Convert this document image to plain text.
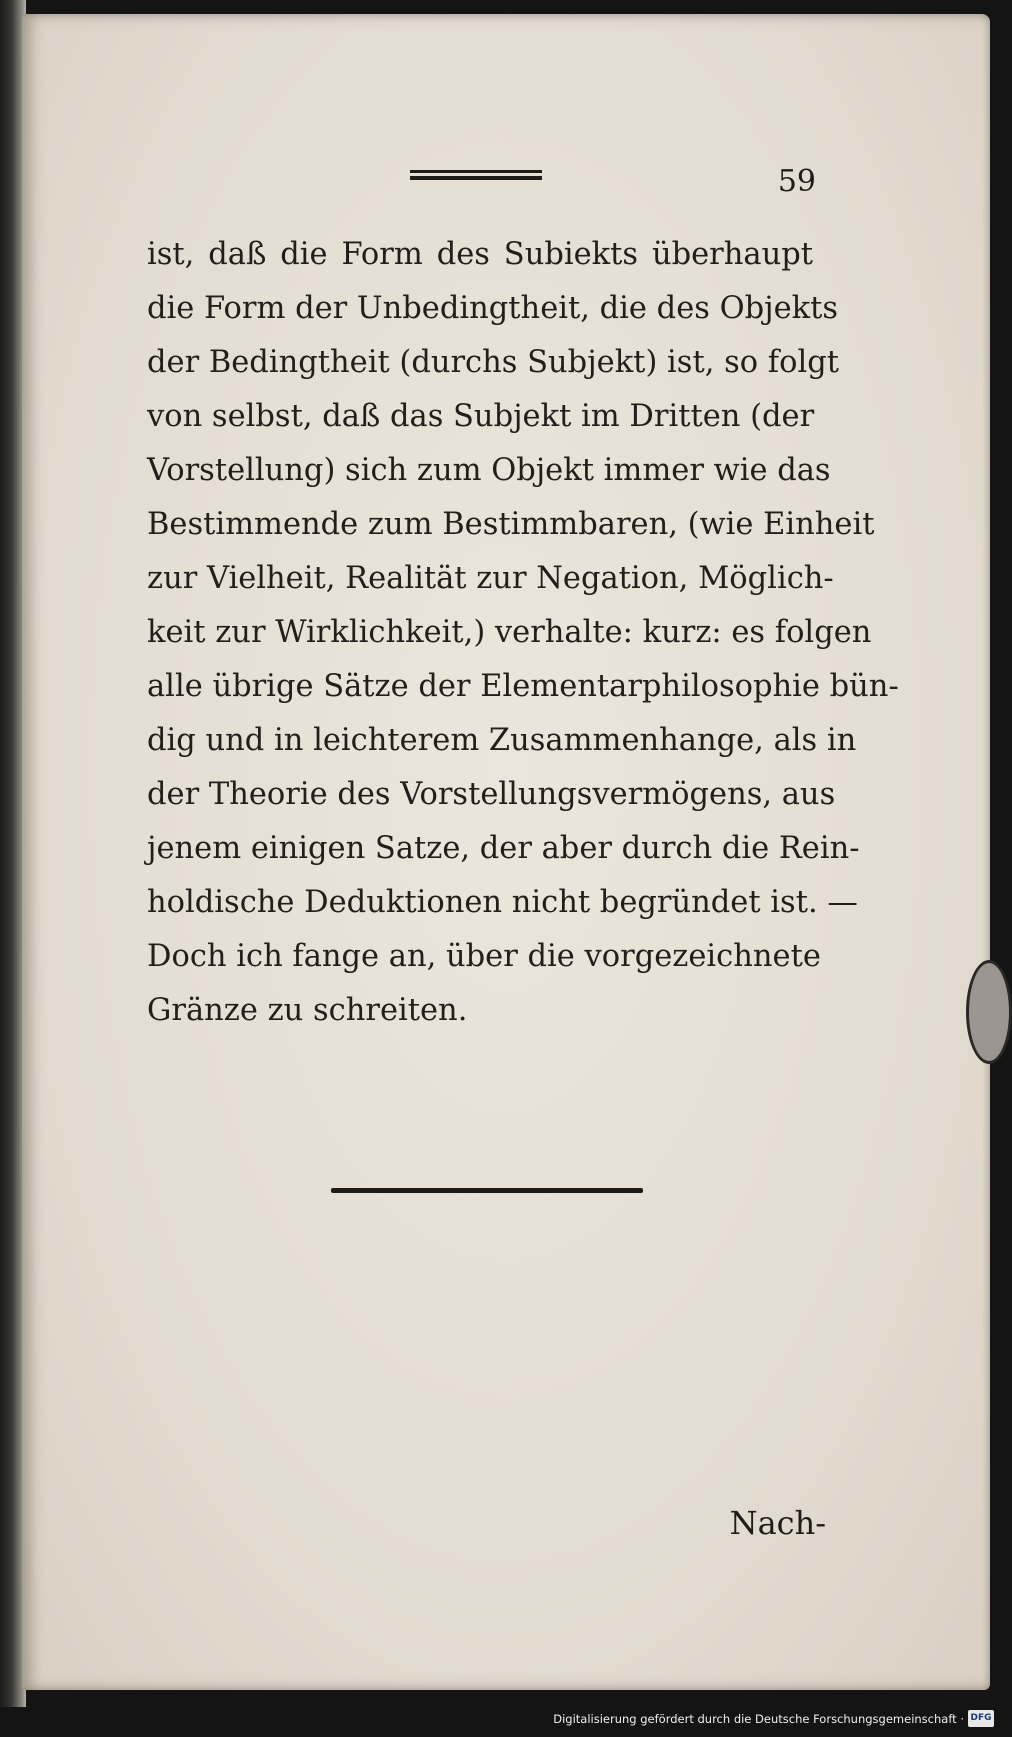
59
ist, daß die Form des Subiekts überhaupt
die Form der Unbedingtheit, die des Objekts
der Bedingtheit (durchs Subjekt) ist, so folgt
von selbst, daß das Subjekt im Dritten (der
Vorstellung) sich zum Objekt immer wie das
Bestimmende zum Bestimmbaren, (wie Einheit
zur Vielheit, Realität zur Negation, Möglich-
keit zur Wirklichkeit,) verhalte: kurz: es folgen
alle übrige Sätze der Elementarphilosophie bün-
dig und in leichterem Zusammenhange, als in
der Theorie des Vorstellungsvermögens, aus
jenem einigen Satze, der aber durch die Rein-
holdische Deduktionen nicht begründet ist. —
Doch ich fange an, über die vorgezeichnete
Gränze zu schreiten.
Nach-
Digitalisierung gefördert durch die Deutsche Forschungsgemeinschaft · DFG
